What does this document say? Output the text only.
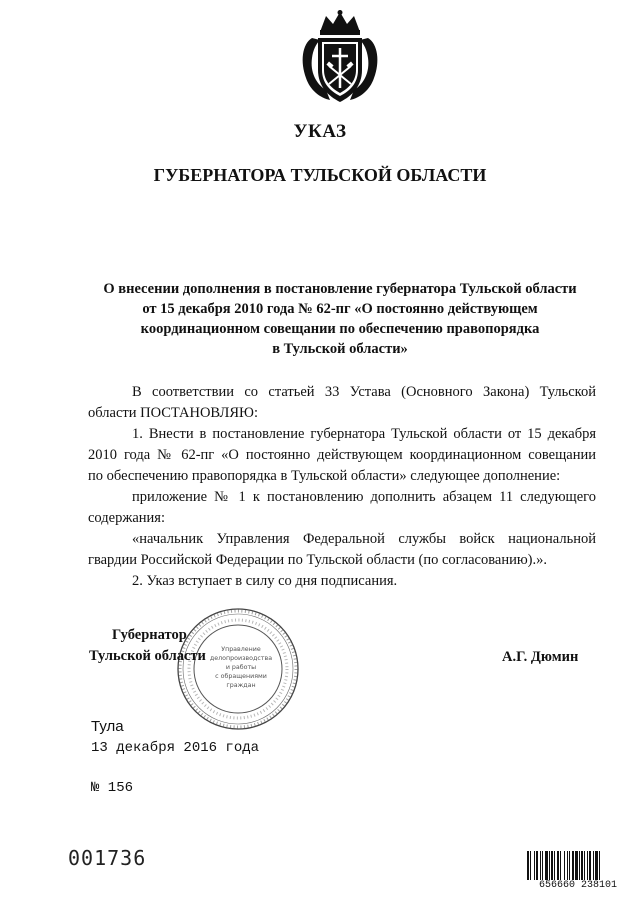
УКАЗ
ГУБЕРНАТОРА ТУЛЬСКОЙ ОБЛАСТИ
О внесении дополнения в постановление губернатора Тульской области
от 15 декабря 2010 года № 62-пг «О постоянно действующем
координационном совещании по обеспечению правопорядка
в Тульской области»
В соответствии со статьей 33 Устава (Основного Закона) Тульской
области ПОСТАНОВЛЯЮ:
1. Внести в постановление губернатора Тульской области от 15 декабря
2010 года № 62-пг «О постоянно действующем координационном совещании
по обеспечению правопорядка в Тульской области» следующее дополнение:
приложение № 1 к постановлению дополнить абзацем 11 следующего
содержания:
«начальник Управления Федеральной службы войск национальной
гвардии Российской Федерации по Тульской области (по согласованию).».
2. Указ вступает в силу со дня подписания.
Управление
делопроизводства
и работы
с обращениями
граждан
Губернатор
Тульской области	А.Г. Дюмин
Тула
13 декабря 2016 года
№ 156
001736
656660 238101
